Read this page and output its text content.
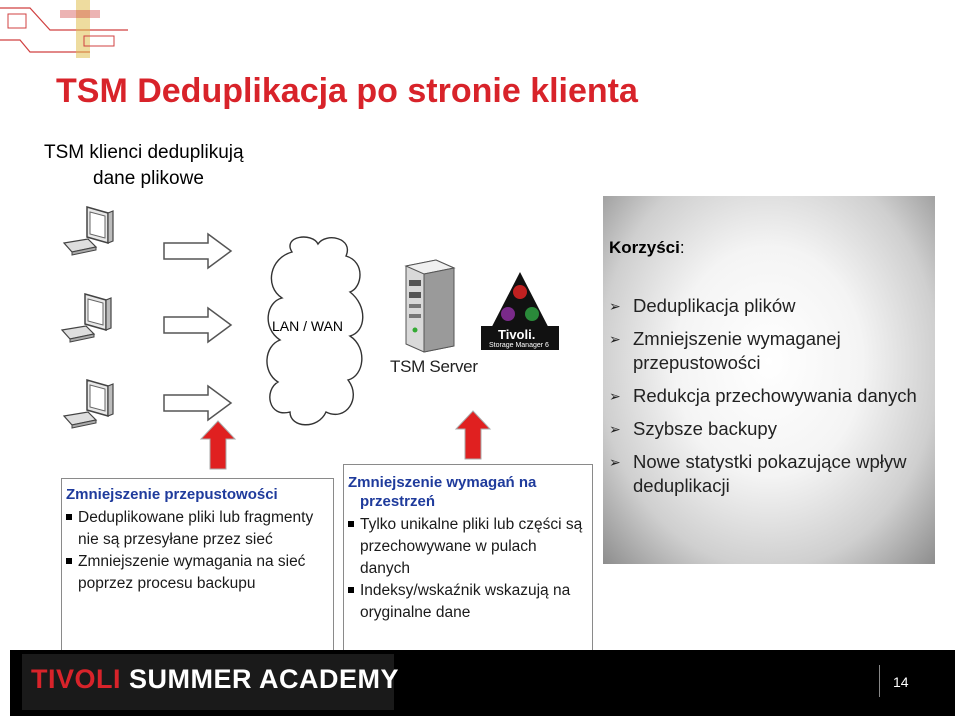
TSM Deduplikacja po stronie klienta
TSM klienci deduplikują
dane plikowe
LAN / WAN
TSM Server
Tivoli.
Storage Manager 6
Zmniejszenie przepustowości
Deduplikowane pliki lub fragmenty nie są przesyłane przez sieć
Zmniejszenie wymagania na sieć poprzez procesu backupu
Zmniejszenie wymagań na przestrzeń
Tylko unikalne pliki lub części są przechowywane w pulach danych
Indeksy/wskaźnik wskazują na oryginalne dane
Korzyści:
➢ Deduplikacja plików
➢ Zmniejszenie wymaganej przepustowości
➢ Redukcja przechowywania danych
➢ Szybsze backupy
➢ Nowe statystki pokazujące wpływ deduplikacji
TIVOLI SUMMER ACADEMY	14
